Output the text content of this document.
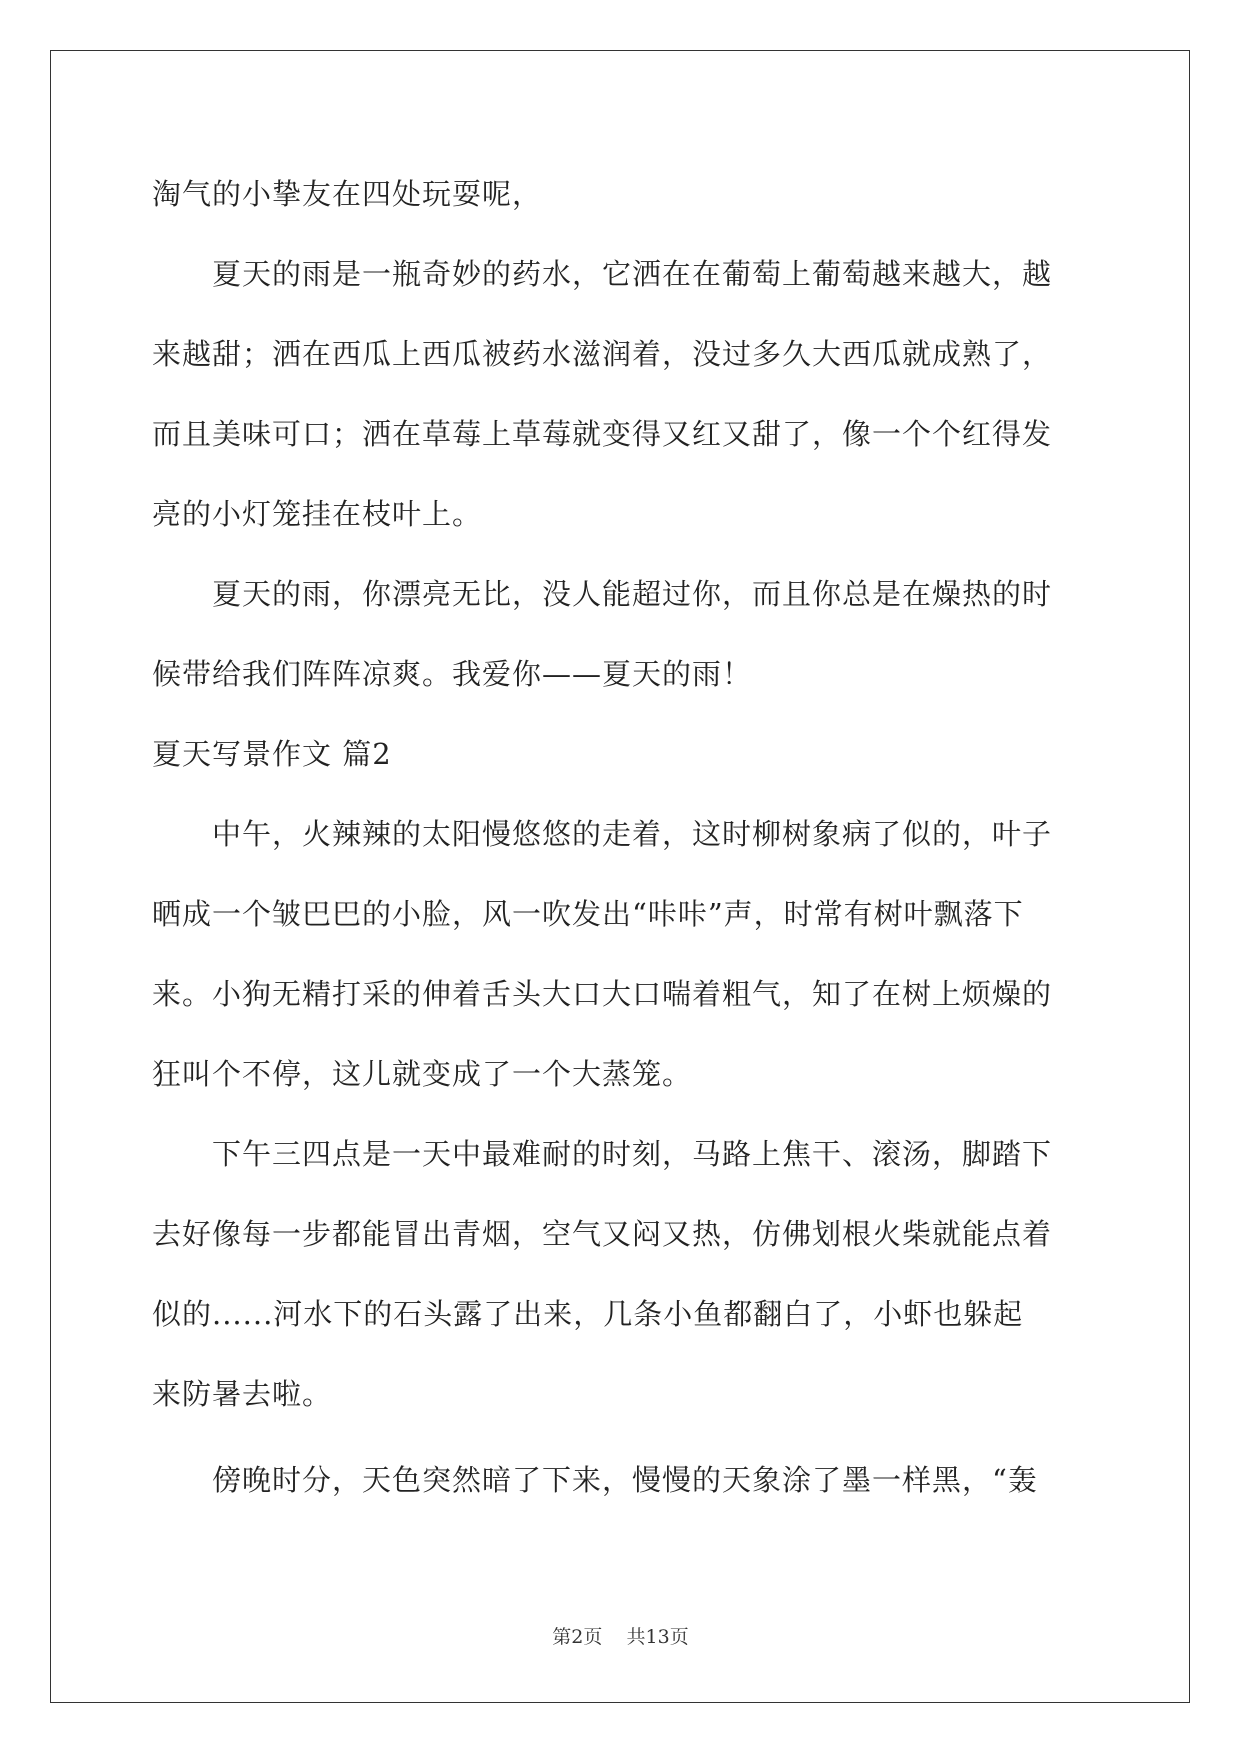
淘气的小挚友在四处玩耍呢，
　　夏天的雨是一瓶奇妙的药水，它洒在在葡萄上葡萄越来越大，越
来越甜；洒在西瓜上西瓜被药水滋润着，没过多久大西瓜就成熟了，
而且美味可口；洒在草莓上草莓就变得又红又甜了，像一个个红得发
亮的小灯笼挂在枝叶上。
　　夏天的雨，你漂亮无比，没人能超过你，而且你总是在燥热的时
候带给我们阵阵凉爽。我爱你——夏天的雨！
夏天写景作文 篇2
　　中午，火辣辣的太阳慢悠悠的走着，这时柳树象病了似的，叶子
晒成一个皱巴巴的小脸，风一吹发出“咔咔”声，时常有树叶飘落下
来。小狗无精打采的伸着舌头大口大口喘着粗气，知了在树上烦燥的
狂叫个不停，这儿就变成了一个大蒸笼。
　　下午三四点是一天中最难耐的时刻，马路上焦干、滚汤，脚踏下
去好像每一步都能冒出青烟，空气又闷又热，仿佛划根火柴就能点着
似的......河水下的石头露了出来，几条小鱼都翻白了，小虾也躲起
来防暑去啦。
　　傍晚时分，天色突然暗了下来，慢慢的天象涂了墨一样黑，“轰
第2页 共13页
